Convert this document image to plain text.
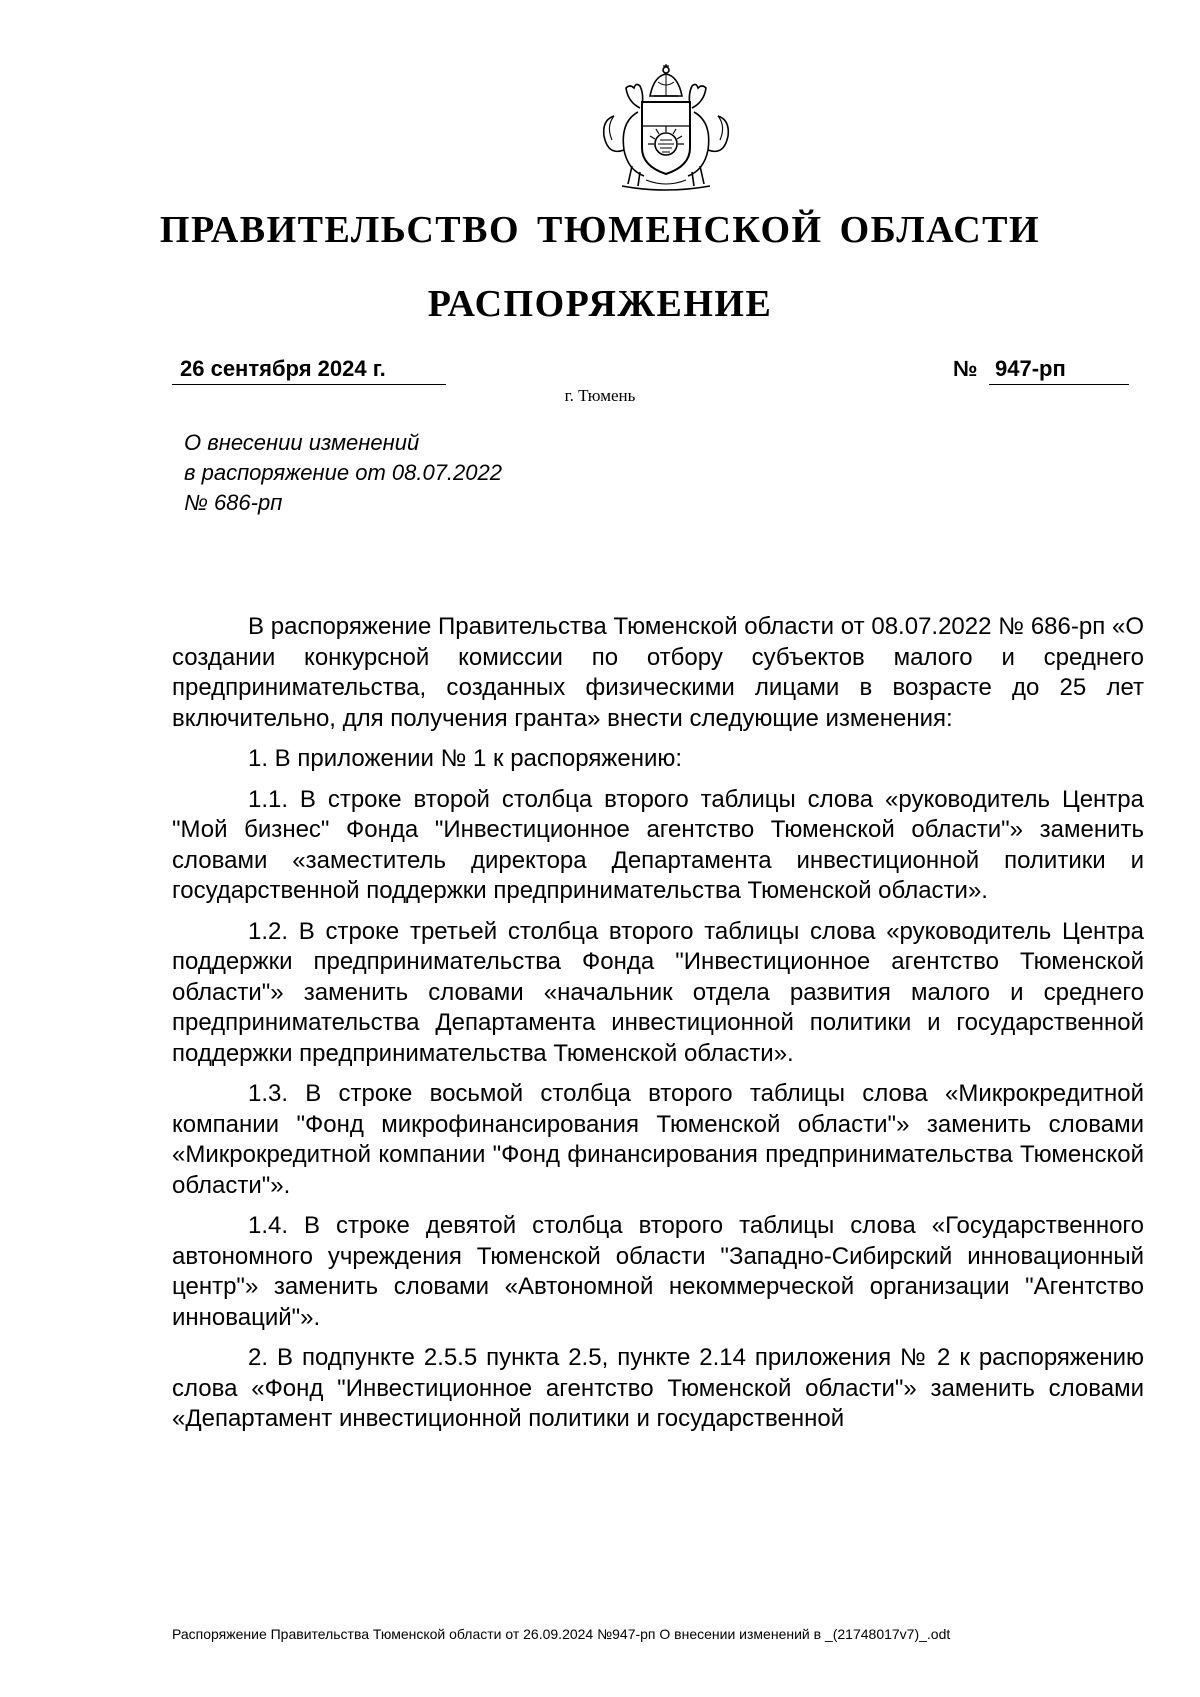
ПРАВИТЕЛЬСТВО ТЮМЕНСКОЙ ОБЛАСТИ
РАСПОРЯЖЕНИЕ
26 сентября 2024 г.	№ 947-рп
г. Тюмень
О внесении изменений
в распоряжение от 08.07.2022
№ 686-рп

В распоряжение Правительства Тюменской области от 08.07.2022 № 686-рп «О создании конкурсной комиссии по отбору субъектов малого и среднего предпринимательства, созданных физическими лицами в возрасте до 25 лет включительно, для получения гранта» внести следующие изменения:

1. В приложении № 1 к распоряжению:

1.1. В строке второй столбца второго таблицы слова «руководитель Центра "Мой бизнес" Фонда "Инвестиционное агентство Тюменской области"» заменить словами «заместитель директора Департамента инвестиционной политики и государственной поддержки предпринимательства Тюменской области».

1.2. В строке третьей столбца второго таблицы слова «руководитель Центра поддержки предпринимательства Фонда "Инвестиционное агентство Тюменской области"» заменить словами «начальник отдела развития малого и среднего предпринимательства Департамента инвестиционной политики и государственной поддержки предпринимательства Тюменской области».

1.3. В строке восьмой столбца второго таблицы слова «Микрокредитной компании "Фонд микрофинансирования Тюменской области"» заменить словами «Микрокредитной компании "Фонд финансирования предпринимательства Тюменской области"».

1.4. В строке девятой столбца второго таблицы слова «Государственного автономного учреждения Тюменской области "Западно-Сибирский инновационный центр"» заменить словами «Автономной некоммерческой организации "Агентство инноваций"».

2. В подпункте 2.5.5 пункта 2.5, пункте 2.14 приложения № 2 к распоряжению слова «Фонд "Инвестиционное агентство Тюменской области"» заменить словами «Департамент инвестиционной политики и государственной

Распоряжение Правительства Тюменской области от 26.09.2024 №947-рп О внесении изменений в _(21748017v7)_.odt
